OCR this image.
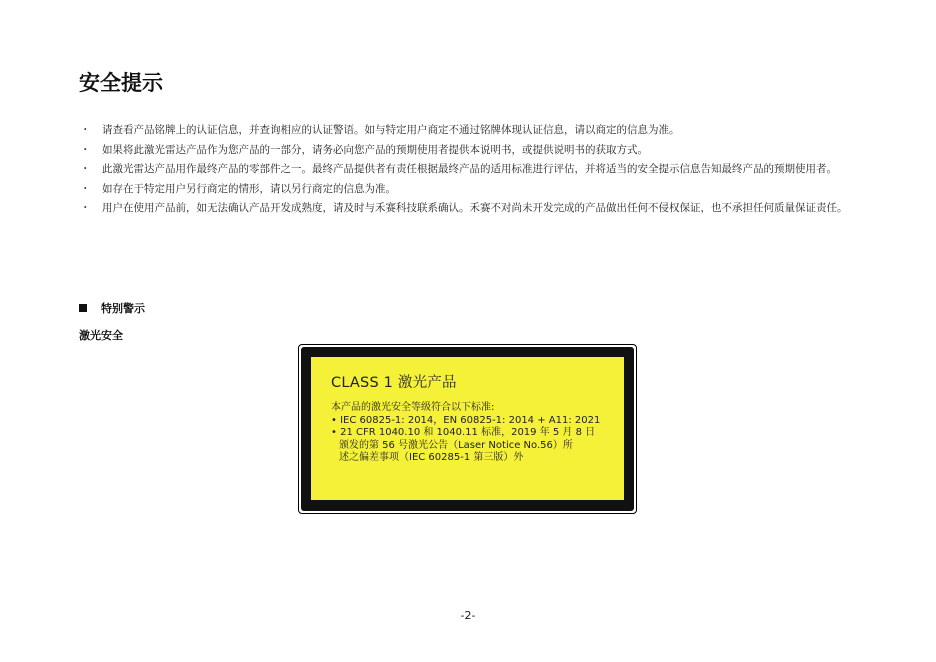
安全提示
・ 请查看产品铭牌上的认证信息，并查询相应的认证警语。如与特定用户商定不通过铭牌体现认证信息，请以商定的信息为准。
・ 如果将此激光雷达产品作为您产品的一部分，请务必向您产品的预期使用者提供本说明书，或提供说明书的获取方式。
・ 此激光雷达产品用作最终产品的零部件之一。最终产品提供者有责任根据最终产品的适用标准进行评估，并将适当的安全提示信息告知最终产品的预期使用者。
・ 如存在于特定用户另行商定的情形，请以另行商定的信息为准。
・ 用户在使用产品前，如无法确认产品开发成熟度，请及时与禾赛科技联系确认。禾赛不对尚未开发完成的产品做出任何不侵权保证，也不承担任何质量保证责任。
特别警示
激光安全
CLASS 1 激光产品
本产品的激光安全等级符合以下标准:
• IEC 60825-1: 2014，EN 60825-1: 2014 + A11: 2021
• 21 CFR 1040.10 和 1040.11 标准，2019 年 5 月 8 日
颁发的第 56 号激光公告（Laser Notice No.56）所
述之偏差事项（IEC 60285-1 第三版）外
-2-
